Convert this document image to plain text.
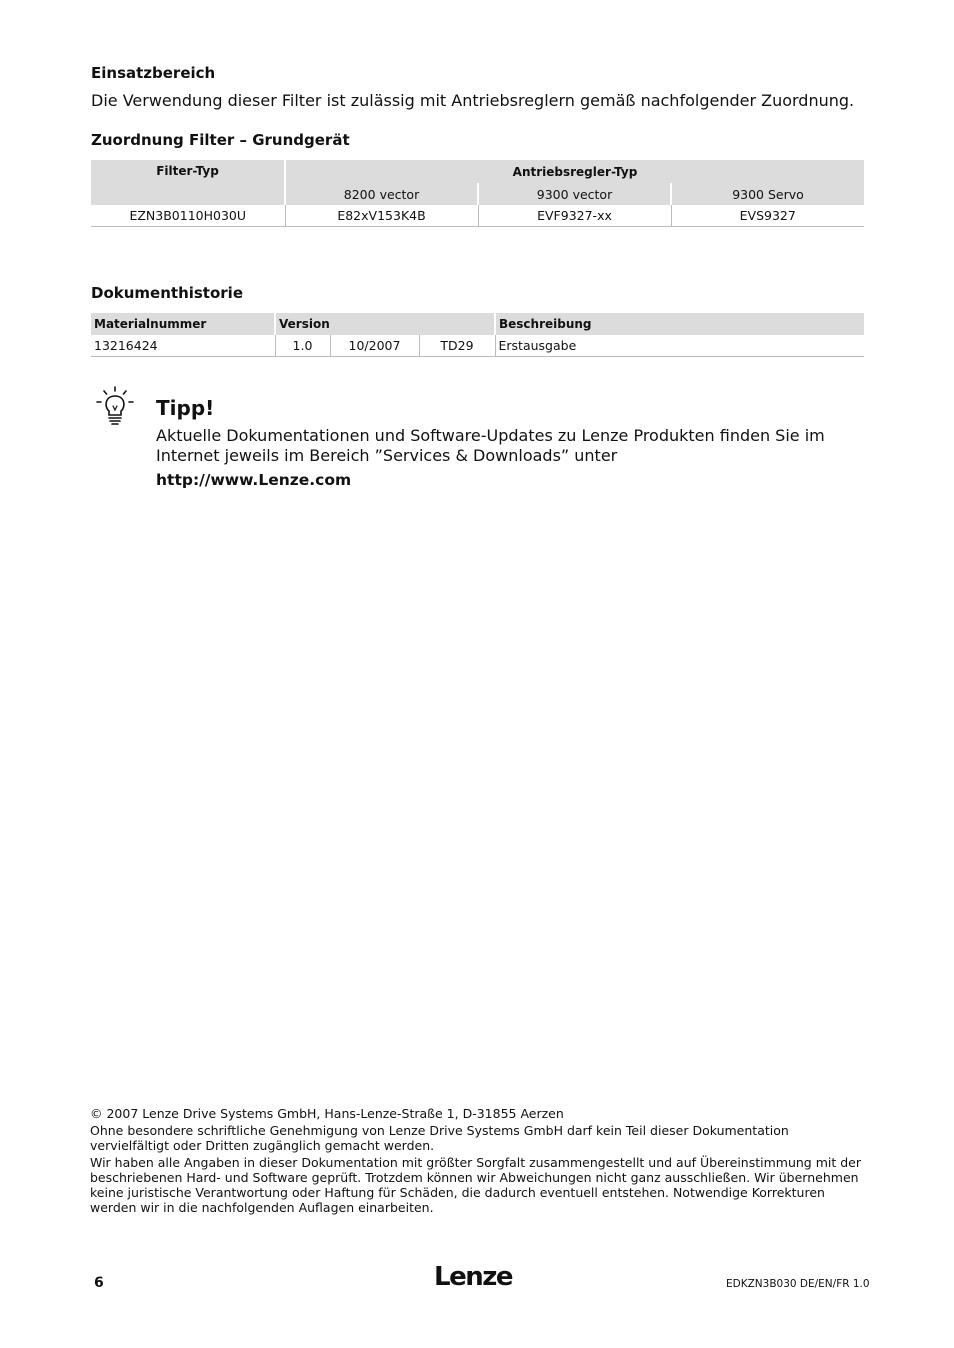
Einsatzbereich
Die Verwendung dieser Filter ist zulässig mit Antriebsreglern gemäß nachfolgender Zuordnung.
Zuordnung Filter – Grundgerät
Filter-Typ	Antriebsregler-Typ		
	8200 vector	9300 vector	9300 Servo
EZN3B0110H030U	E82xV153K4B	EVF9327-xx	EVS9327
Dokumenthistorie
Materialnummer	Version			Beschreibung
13216424	1.0	10/2007	TD29	Erstausgabe
Tipp!
Aktuelle Dokumentationen und Software-Updates zu Lenze Produkten finden Sie im
Internet jeweils im Bereich ”Services & Downloads” unter
http://www.Lenze.com

© 2007 Lenze Drive Systems GmbH, Hans-Lenze-Straße 1, D-31855 Aerzen

Ohne besondere schriftliche Genehmigung von Lenze Drive Systems GmbH darf kein Teil dieser Dokumentation vervielfältigt oder Dritten zugänglich gemacht werden.

Wir haben alle Angaben in dieser Dokumentation mit größter Sorgfalt zusammengestellt und auf Übereinstimmung mit der beschriebenen Hard- und Software geprüft. Trotzdem können wir Abweichungen nicht ganz ausschließen. Wir übernehmen keine juristische Verantwortung oder Haftung für Schäden, die dadurch eventuell entstehen. Notwendige Korrekturen werden wir in die nachfolgenden Auflagen einarbeiten.

6	Lenze	EDKZN3B030 DE/EN/FR 1.0
